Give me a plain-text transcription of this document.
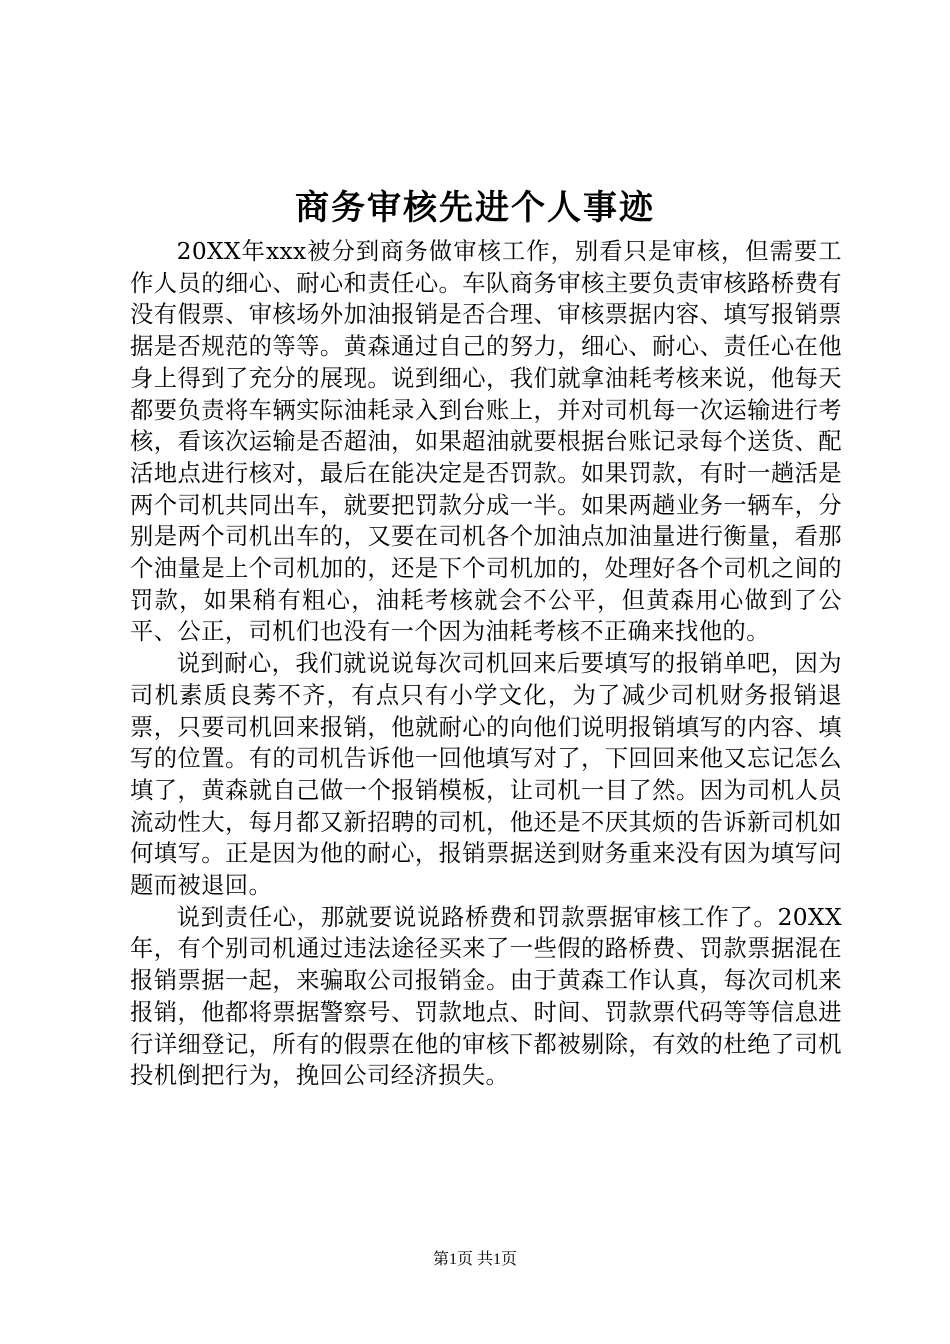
商务审核先进个人事迹

20XX年xxx被分到商务做审核工作，别看只是审核，但需要工作人员的细心、耐心和责任心。车队商务审核主要负责审核路桥费有没有假票、审核场外加油报销是否合理、审核票据内容、填写报销票据是否规范的等等。黄森通过自己的努力，细心、耐心、责任心在他身上得到了充分的展现。说到细心，我们就拿油耗考核来说，他每天都要负责将车辆实际油耗录入到台账上，并对司机每一次运输进行考核，看该次运输是否超油，如果超油就要根据台账记录每个送货、配活地点进行核对，最后在能决定是否罚款。如果罚款，有时一趟活是两个司机共同出车，就要把罚款分成一半。如果两趟业务一辆车，分别是两个司机出车的，又要在司机各个加油点加油量进行衡量，看那个油量是上个司机加的，还是下个司机加的，处理好各个司机之间的罚款，如果稍有粗心，油耗考核就会不公平，但黄森用心做到了公平、公正，司机们也没有一个因为油耗考核不正确来找他的。

说到耐心，我们就说说每次司机回来后要填写的报销单吧，因为司机素质良莠不齐，有点只有小学文化，为了减少司机财务报销退票，只要司机回来报销，他就耐心的向他们说明报销填写的内容、填写的位置。有的司机告诉他一回他填写对了，下回回来他又忘记怎么填了，黄森就自己做一个报销模板，让司机一目了然。因为司机人员流动性大，每月都又新招聘的司机，他还是不厌其烦的告诉新司机如何填写。正是因为他的耐心，报销票据送到财务重来没有因为填写问题而被退回。

说到责任心，那就要说说路桥费和罚款票据审核工作了。20XX年，有个别司机通过违法途径买来了一些假的路桥费、罚款票据混在报销票据一起，来骗取公司报销金。由于黄森工作认真，每次司机来报销，他都将票据警察号、罚款地点、时间、罚款票代码等等信息进行详细登记，所有的假票在他的审核下都被剔除，有效的杜绝了司机投机倒把行为，挽回公司经济损失。

第1页 共1页
